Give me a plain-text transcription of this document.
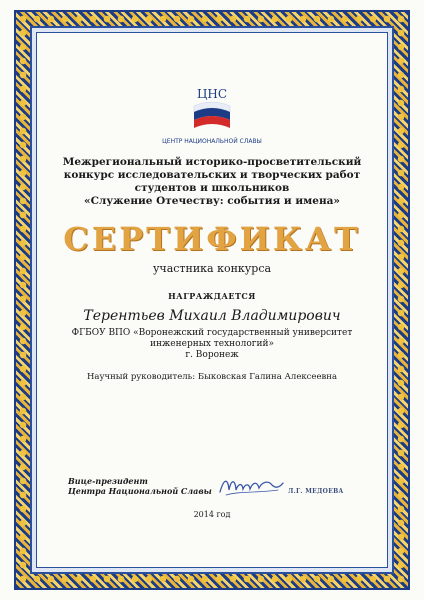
ЦНС
ЦЕНТР НАЦИОНАЛЬНОЙ СЛАВЫ
Межрегиональный историко-просветительский
конкурс исследовательских и творческих работ
студентов и школьников
«Служение Отечеству: события и имена»
СЕРТИФИКАТ
участника конкурса
НАГРАЖДАЕТСЯ
Терентьев Михаил Владимирович
ФГБОУ ВПО «Воронежский государственный университет
инженерных технологий»
г. Воронеж
Научный руководитель: Быковская Галина Алексеевна
Вице-президент
Центра Национальной Славы	Л.Г. МЕДОЕВА
2014 год
